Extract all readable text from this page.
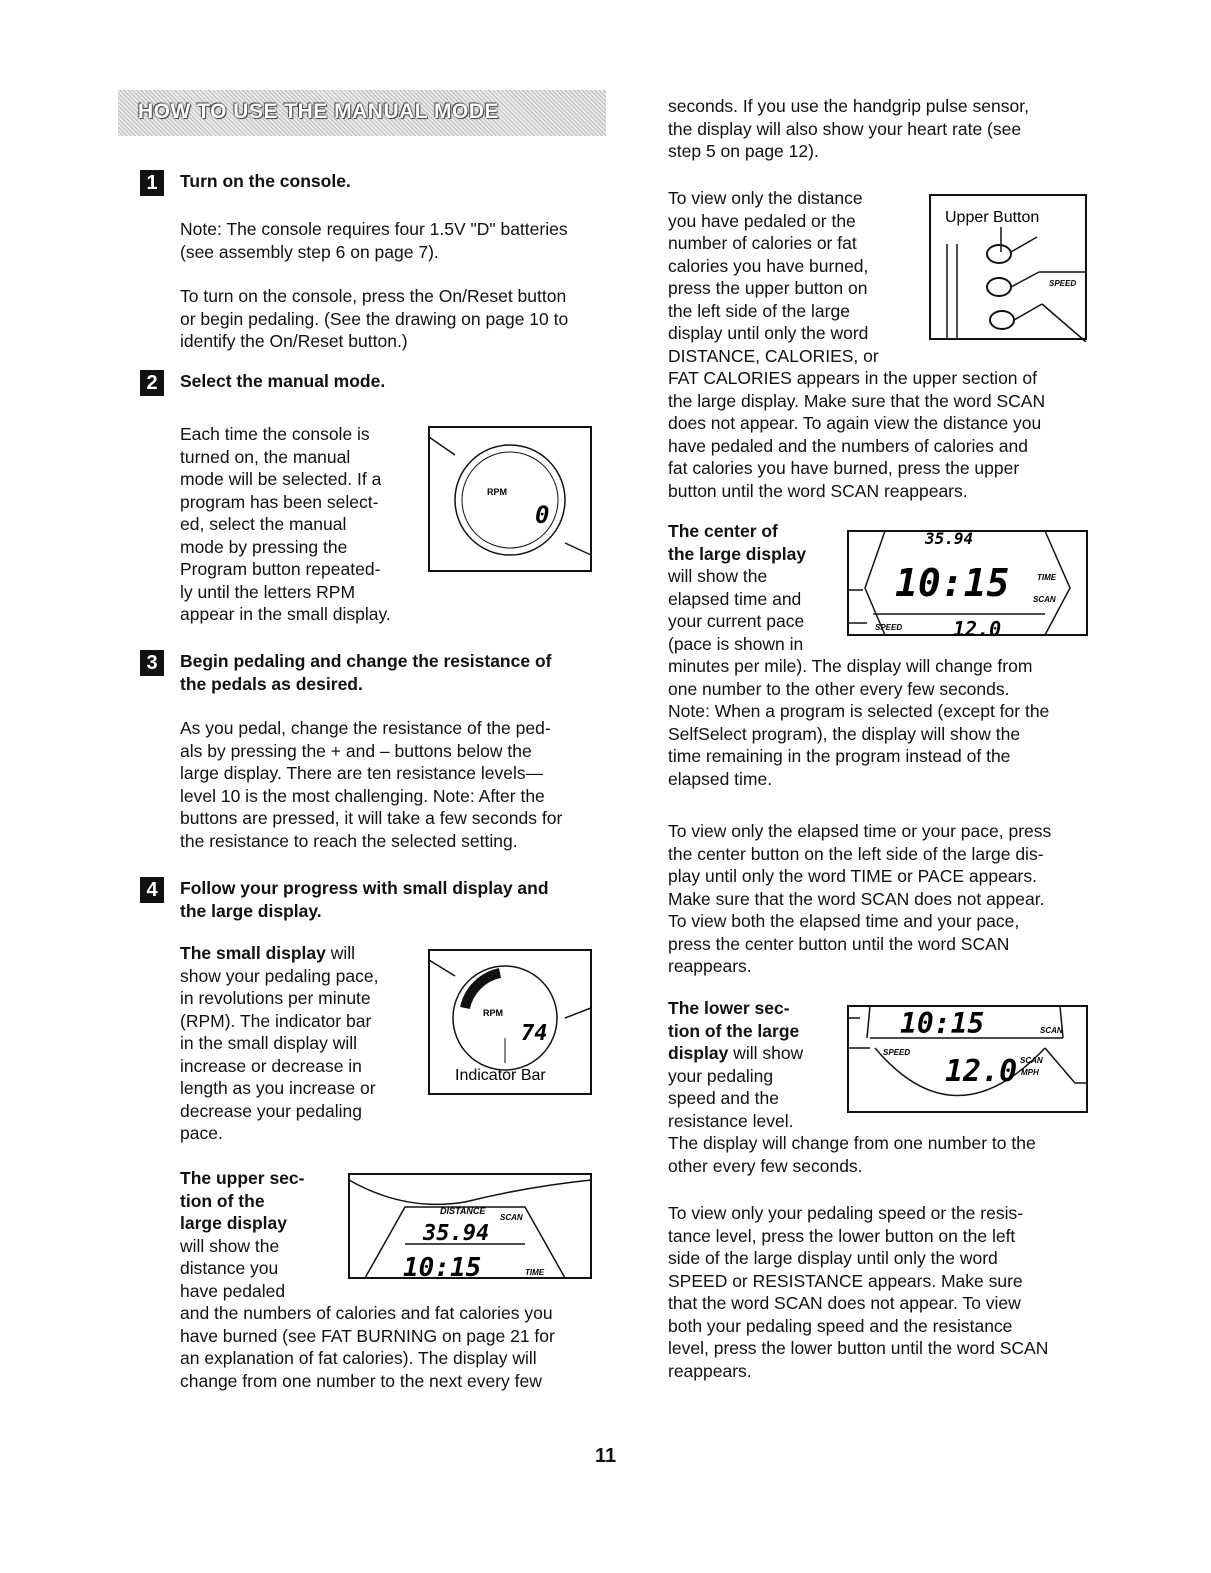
HOW TO USE THE MANUAL MODE
1	Turn on the console.

Note: The console requires four 1.5V "D" batteries

(see assembly step 6 on page 7).

To turn on the console, press the On/Reset button

or begin pedaling. (See the drawing on page 10 to

identify the On/Reset button.)

2	Select the manual mode.

Each time the console is

turned on, the manual

mode will be selected. If a

program has been select-

ed, select the manual

mode by pressing the

Program button repeated-

ly until the letters RPM

appear in the small display.

RPM
0
3	Begin pedaling and change the resistance of

the pedals as desired.

As you pedal, change the resistance of the ped-

als by pressing the + and – buttons below the

large display. There are ten resistance levels—

level 10 is the most challenging. Note: After the

buttons are pressed, it will take a few seconds for

the resistance to reach the selected setting.

4	Follow your progress with small display and

the large display.

The small display will

show your pedaling pace,

in revolutions per minute

(RPM). The indicator bar

in the small display will

increase or decrease in

length as you increase or

decrease your pedaling

pace.

RPM
74
Indicator Bar

The upper sec-

tion of the

large display

will show the

distance you

have pedaled

and the numbers of calories and fat calories you

have burned (see FAT BURNING on page 21 for

an explanation of fat calories). The display will

change from one number to the next every few

DISTANCE
SCAN
35.94
10:15	TIME

seconds. If you use the handgrip pulse sensor,

the display will also show your heart rate (see

step 5 on page 12).

To view only the distance

you have pedaled or the

number of calories or fat

calories you have burned,

press the upper button on

the left side of the large

display until only the word

DISTANCE, CALORIES, or

FAT CALORIES appears in the upper section of

the large display. Make sure that the word SCAN

does not appear. To again view the distance you

have pedaled and the numbers of calories and

fat calories you have burned, press the upper

button until the word SCAN reappears.

Upper Button
SPEED

The center of

the large display

will show the

elapsed time and

your current pace

(pace is shown in

minutes per mile). The display will change from

one number to the other every few seconds.

Note: When a program is selected (except for the

SelfSelect program), the display will show the

time remaining in the program instead of the

elapsed time.

35.94
10:15	TIME
SCAN
SPEED	12.0

To view only the elapsed time or your pace, press

the center button on the left side of the large dis-

play until only the word TIME or PACE appears.

Make sure that the word SCAN does not appear.

To view both the elapsed time and your pace,

press the center button until the word SCAN

reappears.

The lower sec-

tion of the large

display will show

your pedaling

speed and the

resistance level.

The display will change from one number to the

other every few seconds.

10:15	SCAN
SPEED
12.0 SCAN
MPH

To view only your pedaling speed or the resis-

tance level, press the lower button on the left

side of the large display until only the word

SPEED or RESISTANCE appears. Make sure

that the word SCAN does not appear. To view

both your pedaling speed and the resistance

level, press the lower button until the word SCAN

reappears.

11
